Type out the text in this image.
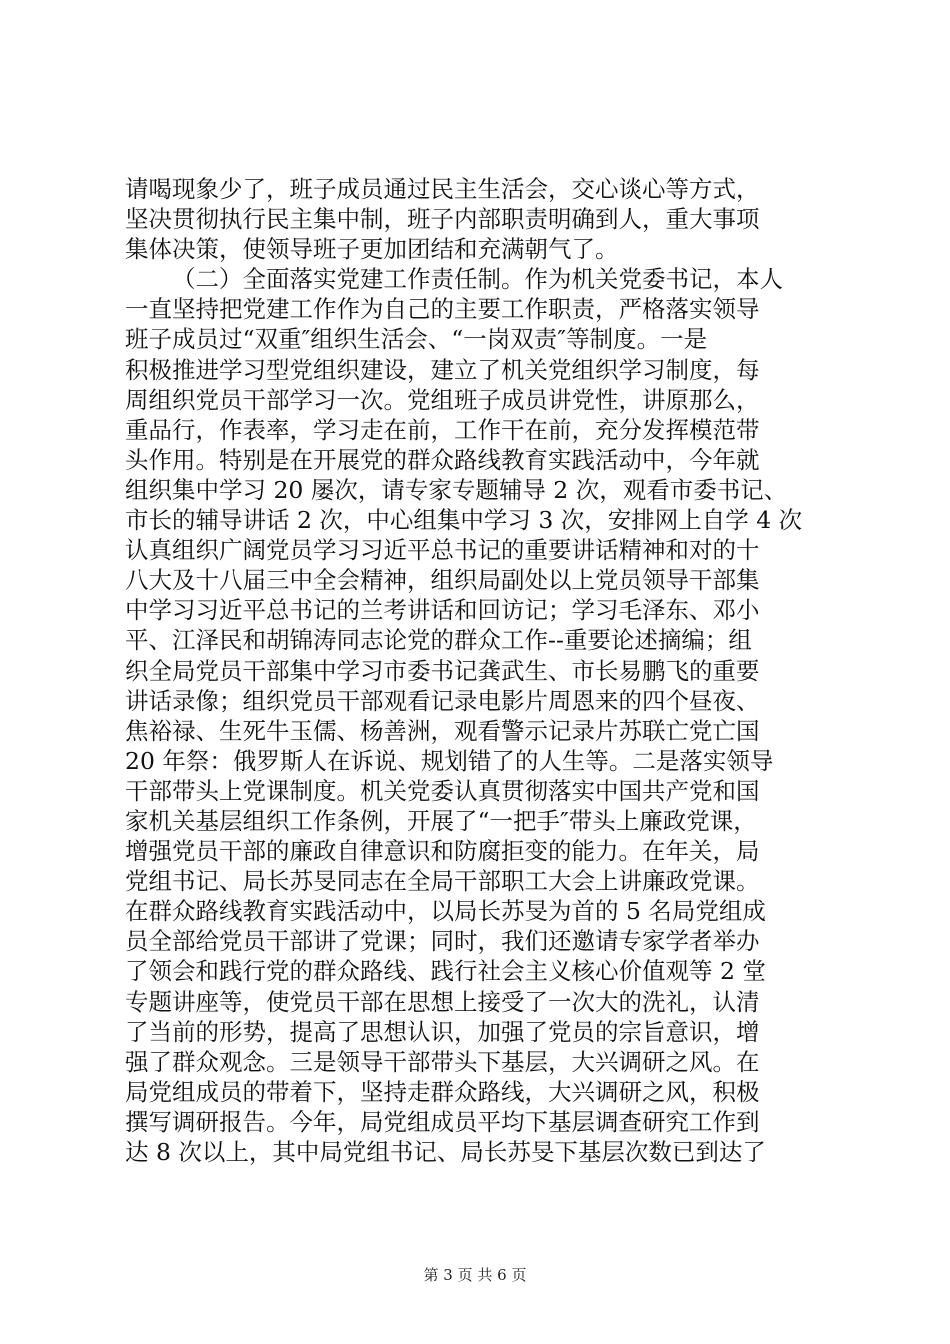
请喝现象少了，班子成员通过民主生活会，交心谈心等方式，
坚决贯彻执行民主集中制，班子内部职责明确到人，重大事项
集体决策，使领导班子更加团结和充满朝气了。
（二）全面落实党建工作责任制。作为机关党委书记，本人
一直坚持把党建工作作为自己的主要工作职责，严格落实领导
班子成员过“双重″组织生活会、“一岗双责″等制度。一是
积极推进学习型党组织建设，建立了机关党组织学习制度，每
周组织党员干部学习一次。党组班子成员讲党性，讲原那么，
重品行，作表率，学习走在前，工作干在前，充分发挥模范带
头作用。特别是在开展党的群众路线教育实践活动中，今年就
组织集中学习 20 屡次，请专家专题辅导 2 次，观看市委书记、
市长的辅导讲话 2 次，中心组集中学习 3 次，安排网上自学 4 次
认真组织广阔党员学习习近平总书记的重要讲话精神和对的十
八大及十八届三中全会精神，组织局副处以上党员领导干部集
中学习习近平总书记的兰考讲话和回访记；学习毛泽东、邓小
平、江泽民和胡锦涛同志论党的群众工作--重要论述摘编；组
织全局党员干部集中学习市委书记龚武生、市长易鹏飞的重要
讲话录像；组织党员干部观看记录电影片周恩来的四个昼夜、
焦裕禄、生死牛玉儒、杨善洲，观看警示记录片苏联亡党亡国
20 年祭：俄罗斯人在诉说、规划错了的人生等。二是落实领导
干部带头上党课制度。机关党委认真贯彻落实中国共产党和国
家机关基层组织工作条例，开展了“一把手″带头上廉政党课，
增强党员干部的廉政自律意识和防腐拒变的能力。在年关，局
党组书记、局长苏旻同志在全局干部职工大会上讲廉政党课。
在群众路线教育实践活动中，以局长苏旻为首的 5 名局党组成
员全部给党员干部讲了党课；同时，我们还邀请专家学者举办
了领会和践行党的群众路线、践行社会主义核心价值观等 2 堂
专题讲座等，使党员干部在思想上接受了一次大的洗礼，认清
了当前的形势，提高了思想认识，加强了党员的宗旨意识，增
强了群众观念。三是领导干部带头下基层，大兴调研之风。在
局党组成员的带着下，坚持走群众路线，大兴调研之风，积极
撰写调研报告。今年，局党组成员平均下基层调查研究工作到
达 8 次以上，其中局党组书记、局长苏旻下基层次数已到达了
第 3 页 共 6 页
